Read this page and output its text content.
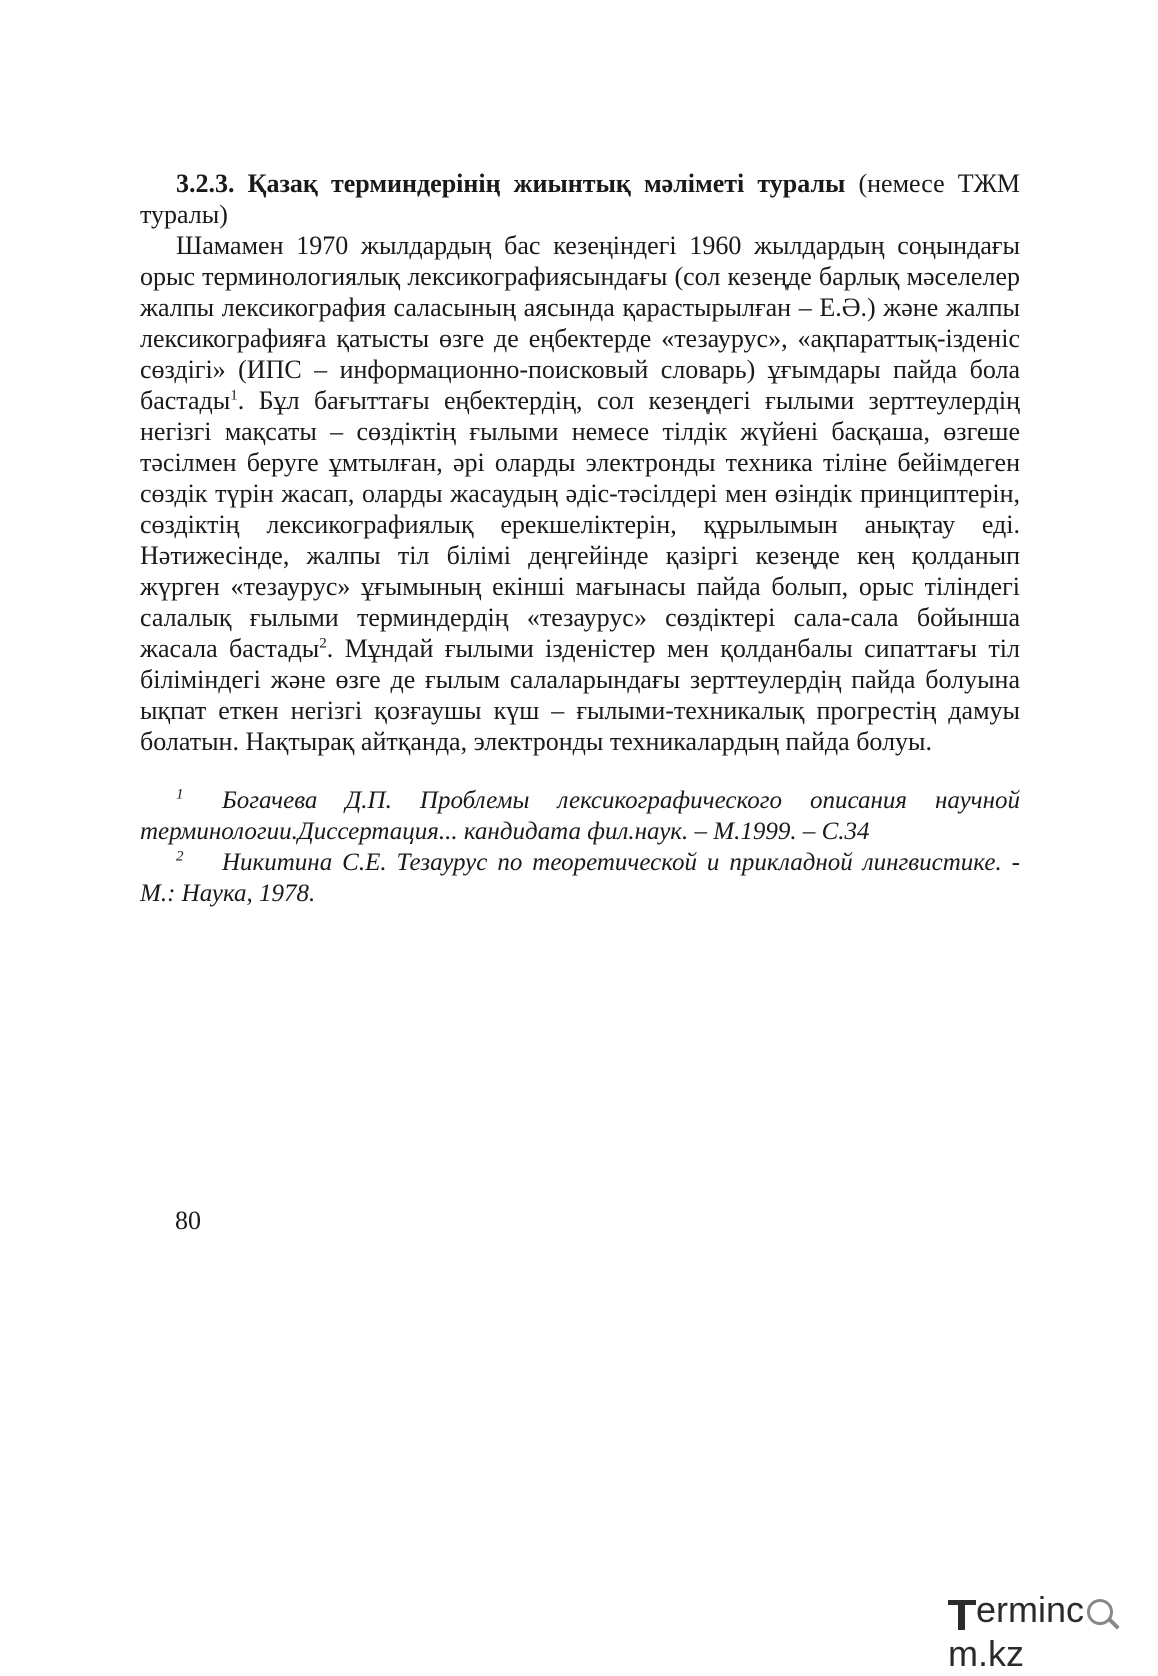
3.2.3. Қазақ терминдерінің жиынтық мәліметі туралы (немесе ТЖМ туралы)

Шамамен 1970 жылдардың бас кезеңіндегі 1960 жылдардың соңындағы орыс терминологиялық лексикографиясындағы (сол кезеңде барлық мәселелер жалпы лексикография саласының аясында қарастырылған – Е.Ә.) және жалпы лексикографияға қатысты өзге де еңбектерде «тезаурус», «ақпараттық-ізденіс сөздігі» (ИПС – информационно-поисковый словарь) ұғымдары пайда бола бастады$^1$. Бұл бағыттағы еңбектердің, сол кезеңдегі ғылыми зерттеулердің негізгі мақсаты – сөздіктің ғылыми немесе тілдік жүйені басқаша, өзгеше тәсілмен беруге ұмтылған, әрі оларды электронды техника тіліне бейімдеген сөздік түрін жасап, оларды жасаудың әдіс-тәсілдері мен өзіндік принциптерін, сөздіктің лексикографиялық ерекшеліктерін, құрылымын анықтау еді. Нәтижесінде, жалпы тіл білімі деңгейінде қазіргі кезеңде кең қолданып жүрген «тезаурус» ұғымының екінші мағынасы пайда болып, орыс тіліндегі салалық ғылыми терминдердің «тезаурус» сөздіктері сала-сала бойынша жасала бастады$^2$. Мұндай ғылыми ізденістер мен қолданбалы сипаттағы тіл біліміндегі және өзге де ғылым салаларындағы зерттеулердің пайда болуына ықпат еткен негізгі қозғаушы күш – ғылыми-техникалық прогрестің дамуы болатын. Нақтырақ айтқанда, электронды техникалардың пайда болуы.

$^1$ Богачева Д.П. Проблемы лексикографического описания научной терминологии.Диссертация... кандидата фил.наук. – М.1999. – С.34

$^2$ Никитина С.Е. Тезаурус по теоретической и прикладной лингвистике. - М.: Наука, 1978.

80
ermincm.kz
